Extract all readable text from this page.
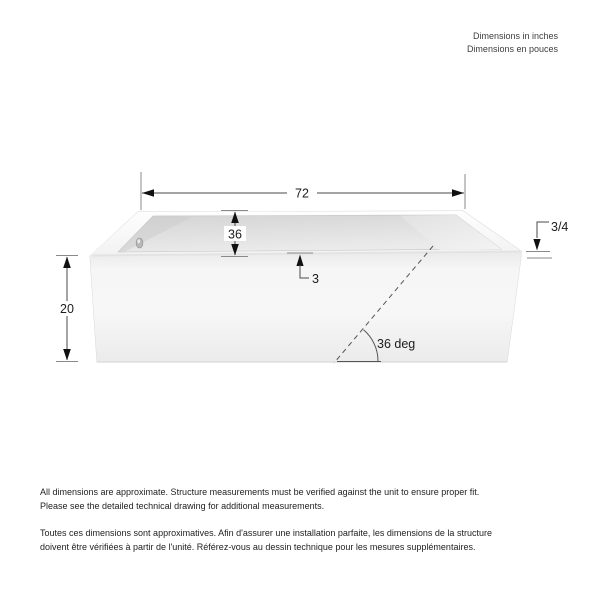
Dimensions in inches
Dimensions en pouces
72
36
3
3/4
20
36 deg

All dimensions are approximate. Structure measurements must be verified against the unit to ensure proper fit. Please see the detailed technical drawing for additional measurements.

Toutes ces dimensions sont approximatives. Afin d'assurer une installation parfaite, les dimensions de la structure doivent être vérifiées à partir de l'unité. Référez-vous au dessin technique pour les mesures supplémentaires.
